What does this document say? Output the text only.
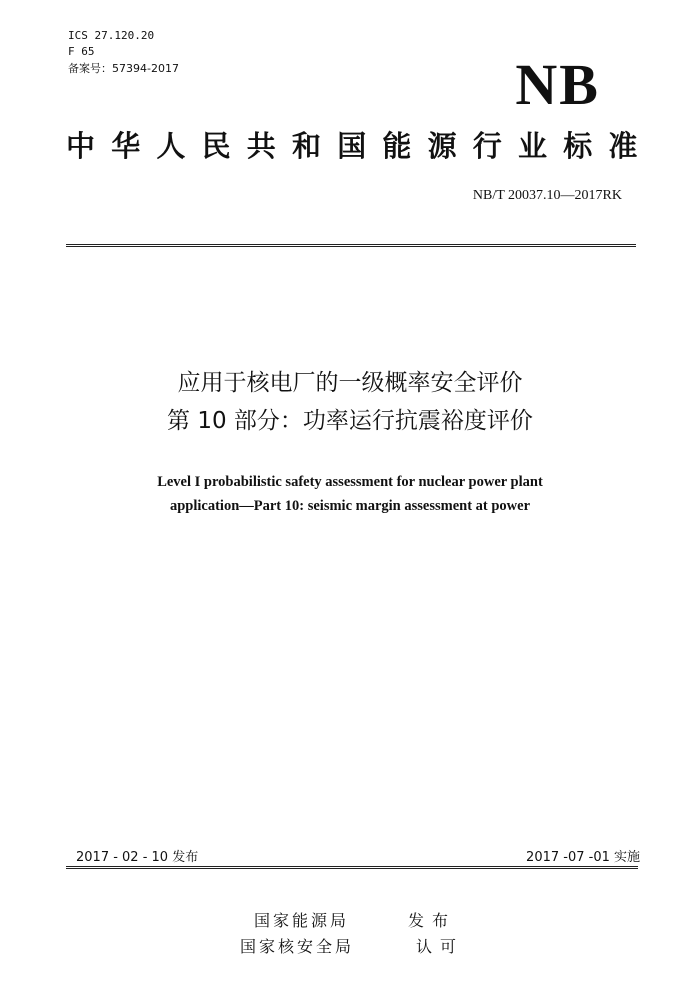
ICS 27.120.20
F 65
备案号：57394-2017	NB
中华人民共和国能源行业标准
NB/T 20037.10—2017RK
应用于核电厂的一级概率安全评价
第 10 部分：功率运行抗震裕度评价
Level I probabilistic safety assessment for nuclear power plant
application—Part 10: seismic margin assessment at power
2017 - 02 - 10 发布	2017 -07 -01 实施
国家能源局	发布
国家核安全局	认可
